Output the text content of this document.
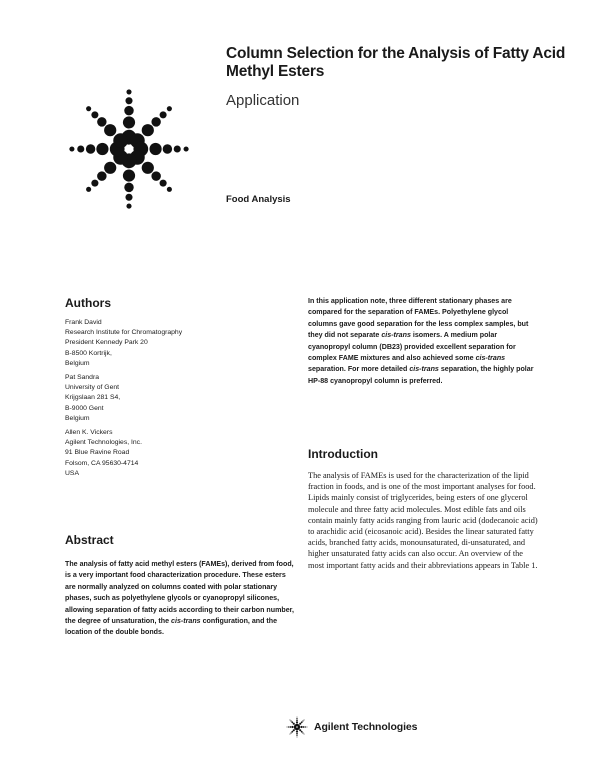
Column Selection for the Analysis of Fatty Acid Methyl Esters
Application
Food Analysis
Authors
Frank David
Research Institute for Chromatography
President Kennedy Park 20
B-8500 Kortrijk,
Belgium
Pat Sandra
University of Gent
Krijgslaan 281 S4,
B-9000 Gent
Belgium
Allen K. Vickers
Agilent Technologies, Inc.
91 Blue Ravine Road
Folsom, CA 95630-4714
USA
Abstract

The analysis of fatty acid methyl esters (FAMEs), derived from food, is a very important food characterization procedure. These esters are normally analyzed on columns coated with polar stationary phases, such as polyethylene glycols or cyanopropyl silicones, allowing separation of fatty acids according to their carbon number, the degree of unsaturation, the cis-trans configuration, and the location of the double bonds.

In this application note, three different stationary phases are compared for the separation of FAMEs. Polyethylene glycol columns gave good separation for the less complex samples, but they did not separate cis-trans isomers. A medium polar cyanopropyl column (DB23) provided excellent separation for complex FAME mixtures and also achieved some cis-trans separation. For more detailed cis-trans separation, the highly polar HP-88 cyanopropyl column is preferred.

Introduction

The analysis of FAMEs is used for the characterization of the lipid fraction in foods, and is one of the most important analyses for food. Lipids mainly consist of triglycerides, being esters of one glycerol molecule and three fatty acid molecules. Most edible fats and oils contain mainly fatty acids ranging from lauric acid (dodecanoic acid) to arachidic acid (eicosanoic acid). Besides the linear saturated fatty acids, branched fatty acids, monounsaturated, di-unsaturated, and higher unsaturated fatty acids can also occur. An overview of the most important fatty acids and their abbreviations appears in Table 1.

Agilent Technologies
